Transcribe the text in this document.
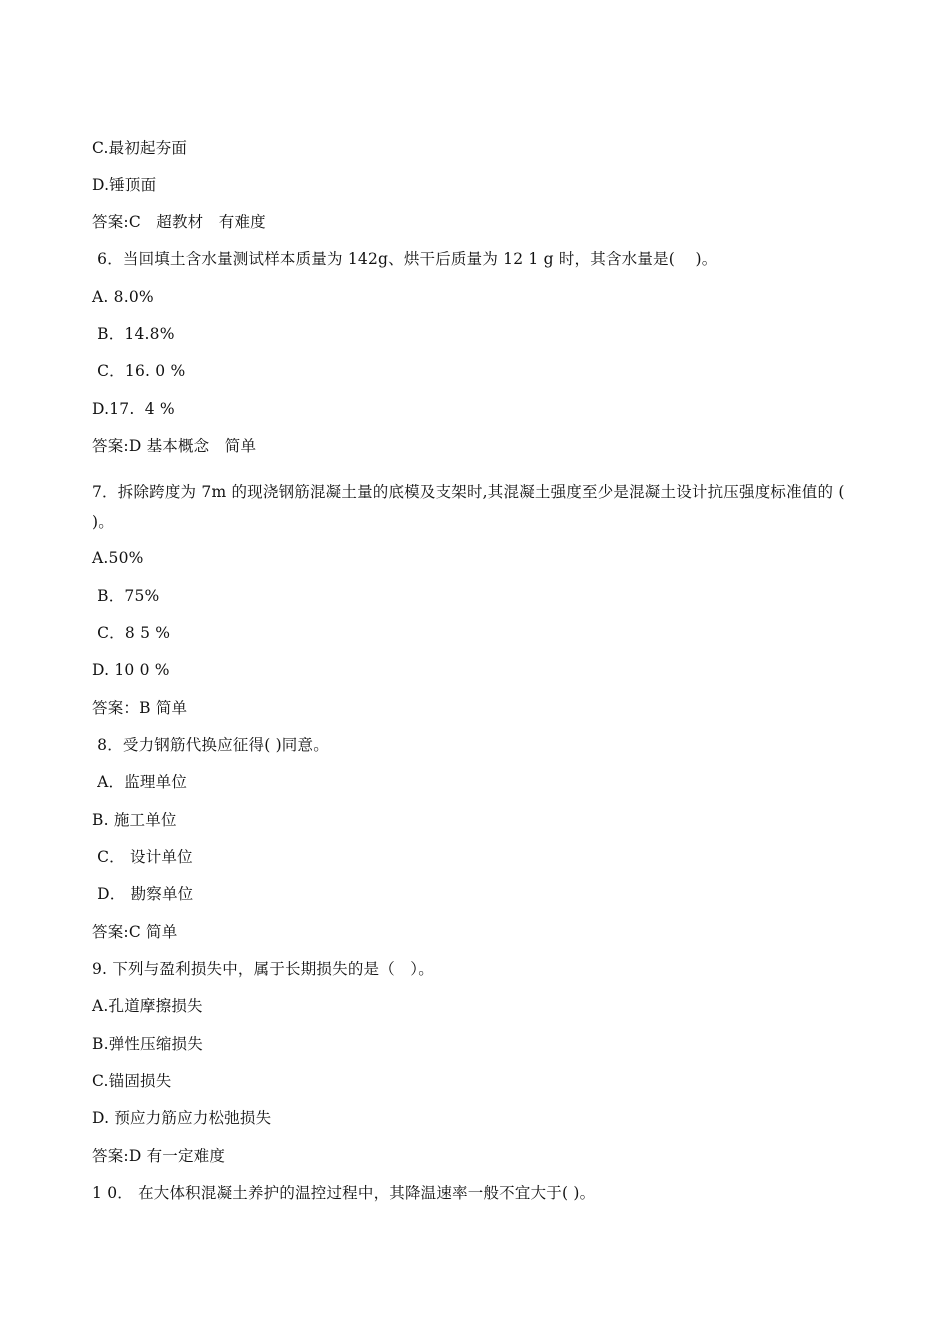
C.最初起夯面
D.锤顶面
答案:C   超教材   有难度
6．当回填土含水量测试样本质量为 142g、烘干后质量为 12 1 g 时，其含水量是(    )。
A. 8.0%
B．14.8%
C．16. 0 %
D.17.  4 %
答案:D 基本概念   简单
7．拆除跨度为 7m 的现浇钢筋混凝土量的底模及支架时,其混凝土强度至少是混凝土设计抗压强度标准值的 ( )。
A.50%
B．75%
C．8 5 %
D. 10 0 %
答案：B 简单
8．受力钢筋代换应征得( )同意。
A．监理单位
B. 施工单位
C． 设计单位
D． 勘察单位
答案:C 简单
9. 下列与盈利损失中，属于长期损失的是（   ）。
A.孔道摩擦损失
B.弹性压缩损失
C.锚固损失
D. 预应力筋应力松弛损失
答案:D 有一定难度
1 0． 在大体积混凝土养护的温控过程中，其降温速率一般不宜大于( )。
